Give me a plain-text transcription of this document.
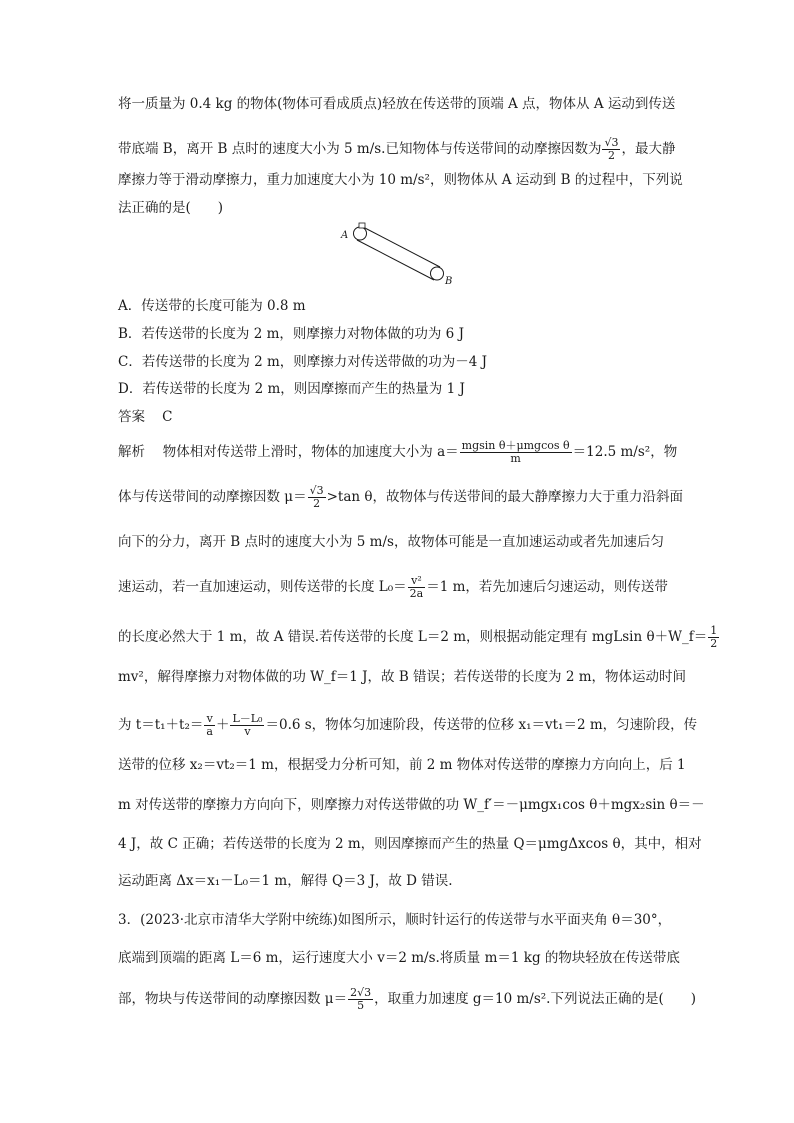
将一质量为 0.4 kg 的物体(物体可看成质点)轻放在传送带的顶端 A 点，物体从 A 运动到传送
带底端 B，离开 B 点时的速度大小为 5 m/s.已知物体与传送带间的动摩擦因数为 $\frac{√3}{2}$ ，最大静
摩擦力等于滑动摩擦力，重力加速度大小为 10 m/s²，则物体从 A 运动到 B 的过程中，下列说
法正确的是(　　)
A
B
A．传送带的长度可能为 0.8 m
B．若传送带的长度为 2 m，则摩擦力对物体做的功为 6 J
C．若传送带的长度为 2 m，则摩擦力对传送带做的功为－4 J
D．若传送带的长度为 2 m，则因摩擦而产生的热量为 1 J
答案 C
解析　 物体相对传送带上滑时，物体的加速度大小为 $a= \frac{\text{mgsin θ＋μmgcos θ}}{m} =12.5$ m/s²，物
体与传送带间的动摩擦因数 $\mu= \frac{√3}{2} >\tan$ θ，故物体与传送带间的最大静摩擦力大于重力沿斜面
向下的分力，离开 B 点时的速度大小为 5 m/s，故物体可能是一直加速运动或者先加速后匀
速运动，若一直加速运动，则传送带的长度 $L_0= \frac{\text{v²}}{2a} =1$ m，若先加速后匀速运动，则传送带
的长度必然大于 1 m，故 A 错误.若传送带的长度 L＝2 m，则根据动能定理有 mgLsin θ＋W_f＝ $\frac{1}{2}$
mv²，解得摩擦力对物体做的功 W_f＝1 J，故 B 错误；若传送带的长度为 2 m，物体运动时间
为 $t=t_1+t_2= \frac{v}{a} + \frac{\text{L－L₀}}{v} =0.6$ s，物体匀加速阶段，传送带的位移 x₁＝vt₁＝2 m，匀速阶段，传
送带的位移 x₂＝vt₂＝1 m，根据受力分析可知，前 2 m 物体对传送带的摩擦力方向向上，后 1
m 对传送带的摩擦力方向向下，则摩擦力对传送带做的功 W_f′＝－μmgx₁cos θ＋mgx₂sin θ＝－
4 J，故 C 正确；若传送带的长度为 2 m，则因摩擦而产生的热量 Q＝μmgΔxcos θ，其中，相对
运动距离 Δx＝x₁－L₀＝1 m，解得 Q＝3 J，故 D 错误.
3．(2023·北京市清华大学附中统练)如图所示，顺时针运行的传送带与水平面夹角 θ＝30°，
底端到顶端的距离 L＝6 m，运行速度大小 v＝2 m/s.将质量 m＝1 kg 的物块轻放在传送带底
部，物块与传送带间的动摩擦因数 $\mu= \frac{2√3}{5}$ ，取重力加速度 g＝10 m/s².下列说法正确的是(　　)
